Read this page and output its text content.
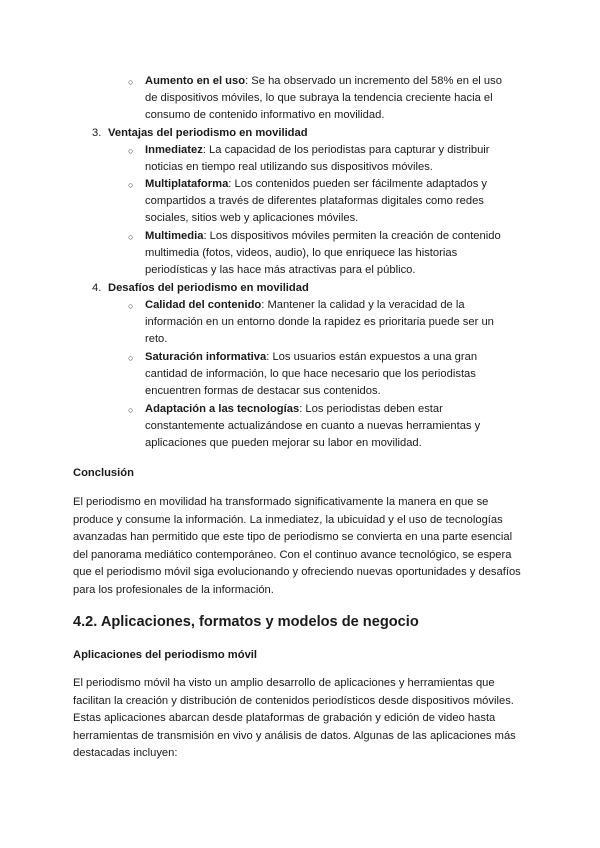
○ Aumento en el uso: Se ha observado un incremento del 58% en el uso
de dispositivos móviles, lo que subraya la tendencia creciente hacia el
consumo de contenido informativo en movilidad.
3. Ventajas del periodismo en movilidad
○ Inmediatez: La capacidad de los periodistas para capturar y distribuir
noticias en tiempo real utilizando sus dispositivos móviles.
○ Multiplataforma: Los contenidos pueden ser fácilmente adaptados y
compartidos a través de diferentes plataformas digitales como redes
sociales, sitios web y aplicaciones móviles.
○ Multimedia: Los dispositivos móviles permiten la creación de contenido
multimedia (fotos, videos, audio), lo que enriquece las historias
periodísticas y las hace más atractivas para el público.
4. Desafíos del periodismo en movilidad
○ Calidad del contenido: Mantener la calidad y la veracidad de la
información en un entorno donde la rapidez es prioritaria puede ser un
reto.
○ Saturación informativa: Los usuarios están expuestos a una gran
cantidad de información, lo que hace necesario que los periodistas
encuentren formas de destacar sus contenidos.
○ Adaptación a las tecnologías: Los periodistas deben estar
constantemente actualizándose en cuanto a nuevas herramientas y
aplicaciones que pueden mejorar su labor en movilidad.
Conclusión

El periodismo en movilidad ha transformado significativamente la manera en que se produce y consume la información. La inmediatez, la ubicuidad y el uso de tecnologías avanzadas han permitido que este tipo de periodismo se convierta en una parte esencial del panorama mediático contemporáneo. Con el continuo avance tecnológico, se espera que el periodismo móvil siga evolucionando y ofreciendo nuevas oportunidades y desafíos para los profesionales de la información.

4.2. Aplicaciones, formatos y modelos de negocio
Aplicaciones del periodismo móvil

El periodismo móvil ha visto un amplio desarrollo de aplicaciones y herramientas que facilitan la creación y distribución de contenidos periodísticos desde dispositivos móviles. Estas aplicaciones abarcan desde plataformas de grabación y edición de video hasta herramientas de transmisión en vivo y análisis de datos. Algunas de las aplicaciones más destacadas incluyen:
